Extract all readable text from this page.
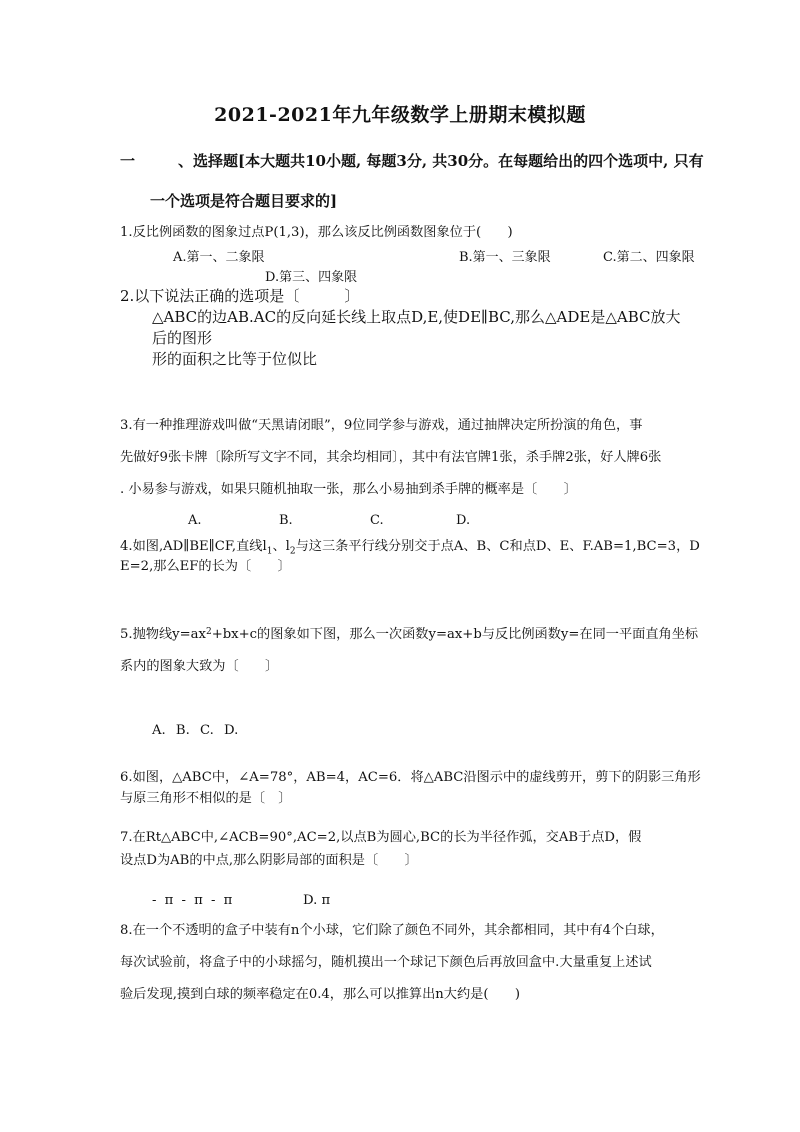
2021-2021年九年级数学上册期末模拟题
一	、选择题[本大题共10小题, 每题3分, 共30分。在每题给出的四个选项中, 只有
一个选项是符合题目要求的]
1.反比例函数的图象过点P(1,3)，那么该反比例函数图象位于(　　)
A.第一、二象限	B.第一、三象限	C.第二、四象限
D.第三、四象限
2.以下说法正确的选项是〔　　　〕
△ABC的边AB.AC的反向延长线上取点D,E,使DE∥BC,那么△ADE是△ABC放大
后的图形
形的面积之比等于位似比
3.有一种推理游戏叫做“天黑请闭眼”，9位同学参与游戏，通过抽牌决定所扮演的角色，事
先做好9张卡牌〔除所写文字不同，其余均相同〕，其中有法官牌1张，杀手牌2张，好人牌6张
. 小易参与游戏，如果只随机抽取一张，那么小易抽到杀手牌的概率是〔　　〕
A.	B.	C.	D.
4.如图,AD∥BE∥CF,直线$l_1$、$l_2$与这三条平行线分别交于点A、B、C和点D、E、F.AB=1,BC=3，D
E=2,那么EF的长为〔　　〕
5.抛物线$y=ax^2+bx+c$的图象如下图，那么一次函数y=ax+b与反比例函数y=在同一平面直角坐标
系内的图象大致为〔　　〕
A. B. C. D.
6.如图，△ABC中，∠A=78°，AB=4，AC=6．将△ABC沿图示中的虚线剪开，剪下的阴影三角形
与原三角形不相似的是〔　〕
7.在Rt△ABC中,∠ACB=90°,AC=2,以点B为圆心,BC的长为半径作弧，交AB于点D，假
设点D为AB的中点,那么阴影局部的面积是〔　　〕
- π - π - π	D. π
8.在一个不透明的盒子中装有n个小球，它们除了颜色不同外，其余都相同，其中有4个白球，
每次试验前，将盒子中的小球摇匀，随机摸出一个球记下颜色后再放回盒中.大量重复上述试
验后发现,摸到白球的频率稳定在0.4，那么可以推算出n大约是(　　)
